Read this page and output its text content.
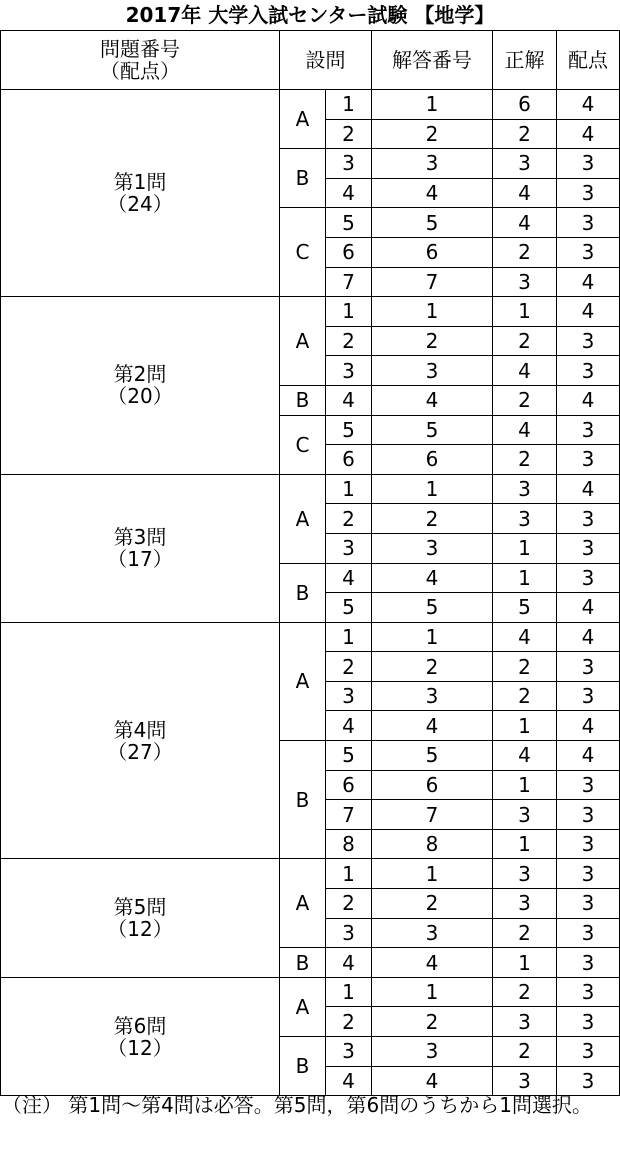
2017年 大学入試センター試験 【地学】
問題番号
（配点）	設問		解答番号	正解	配点

第1問
（24）	A	1	1	6	4
		2	2	2	4
	B	3	3	3	3
		4	4	4	3
	C	5	5	4	3
		6	6	2	3
		7	7	3	4

第2問
（20）	A	1	1	1	4
		2	2	2	3
		3	3	4	3
	B	4	4	2	4
	C	5	5	4	3
		6	6	2	3

第3問
（17）	A	1	1	3	4
		2	2	3	3
		3	3	1	3
	B	4	4	1	3
		5	5	5	4

第4問
（27）	A	1	1	4	4
		2	2	2	3
		3	3	2	3
		4	4	1	4
	B	5	5	4	4
		6	6	1	3
		7	7	3	3
		8	8	1	3

第5問
（12）	A	1	1	3	3
		2	2	3	3
		3	3	2	3
	B	4	4	1	3

第6問
（12）	A	1	1	2	3
		2	2	3	3
	B	3	3	2	3
		4	4	3	3
（注） 第1問～第4問は必答。第5問，第6問のうちから1問選択。
